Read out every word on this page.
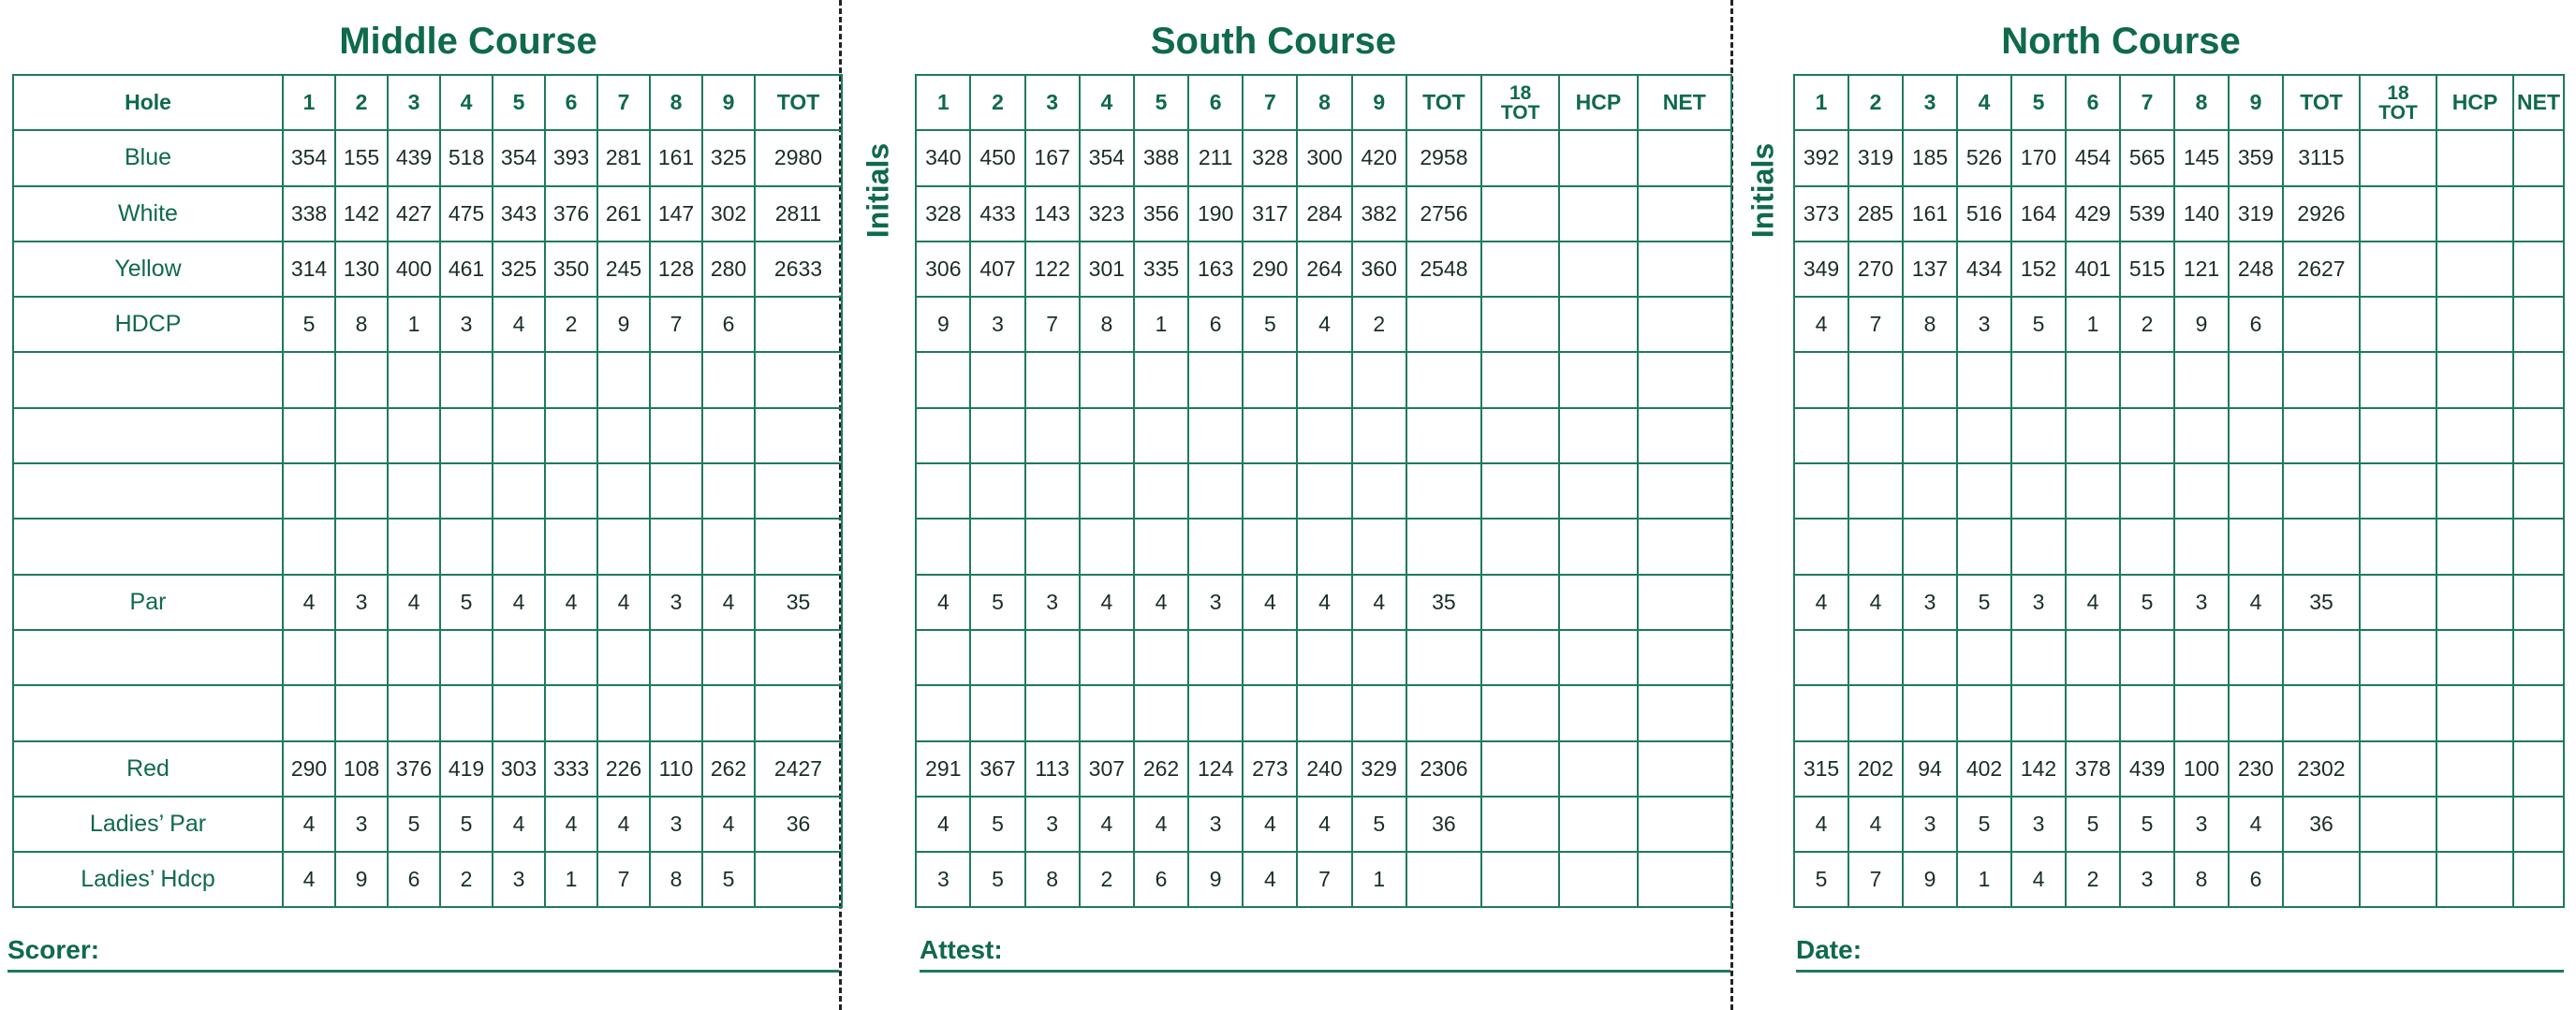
Middle Course	South Course	North Course
Hole	1	2	3	4	5	6	7	8	9	TOT
Blue	354	155	439	518	354	393	281	161	325	2980
White	338	142	427	475	343	376	261	147	302	2811
Yellow	314	130	400	461	325	350	245	128	280	2633
HDCP	5	8	1	3	4	2	9	7	6	

Par	4	3	4	5	4	4	4	3	4	35

Red	290	108	376	419	303	333	226	110	262	2427
Ladies’ Par	4	3	5	5	4	4	4	3	4	36
Ladies’ Hdcp	4	9	6	2	3	1	7	8	5	
Initials	1	2	3	4	5	6	7	8	9	TOT	18 TOT	HCP	NET
	340	450	167	354	388	211	328	300	420	2958			
	328	433	143	323	356	190	317	284	382	2756			
	306	407	122	301	335	163	290	264	360	2548			
	9	3	7	8	1	6	5	4	2				

	4	5	3	4	4	3	4	4	4	35			

	291	367	113	307	262	124	273	240	329	2306			
	4	5	3	4	4	3	4	4	5	36			
	3	5	8	2	6	9	4	7	1				
Initials	1	2	3	4	5	6	7	8	9	TOT	18 TOT	HCP	NET
	392	319	185	526	170	454	565	145	359	3115			
	373	285	161	516	164	429	539	140	319	2926			
	349	270	137	434	152	401	515	121	248	2627			
	4	7	8	3	5	1	2	9	6				

	4	4	3	5	3	4	5	3	4	35			

	315	202	94	402	142	378	439	100	230	2302			
	4	4	3	5	3	5	5	3	4	36			
	5	7	9	1	4	2	3	8	6				
Scorer:	Attest:	Date:
